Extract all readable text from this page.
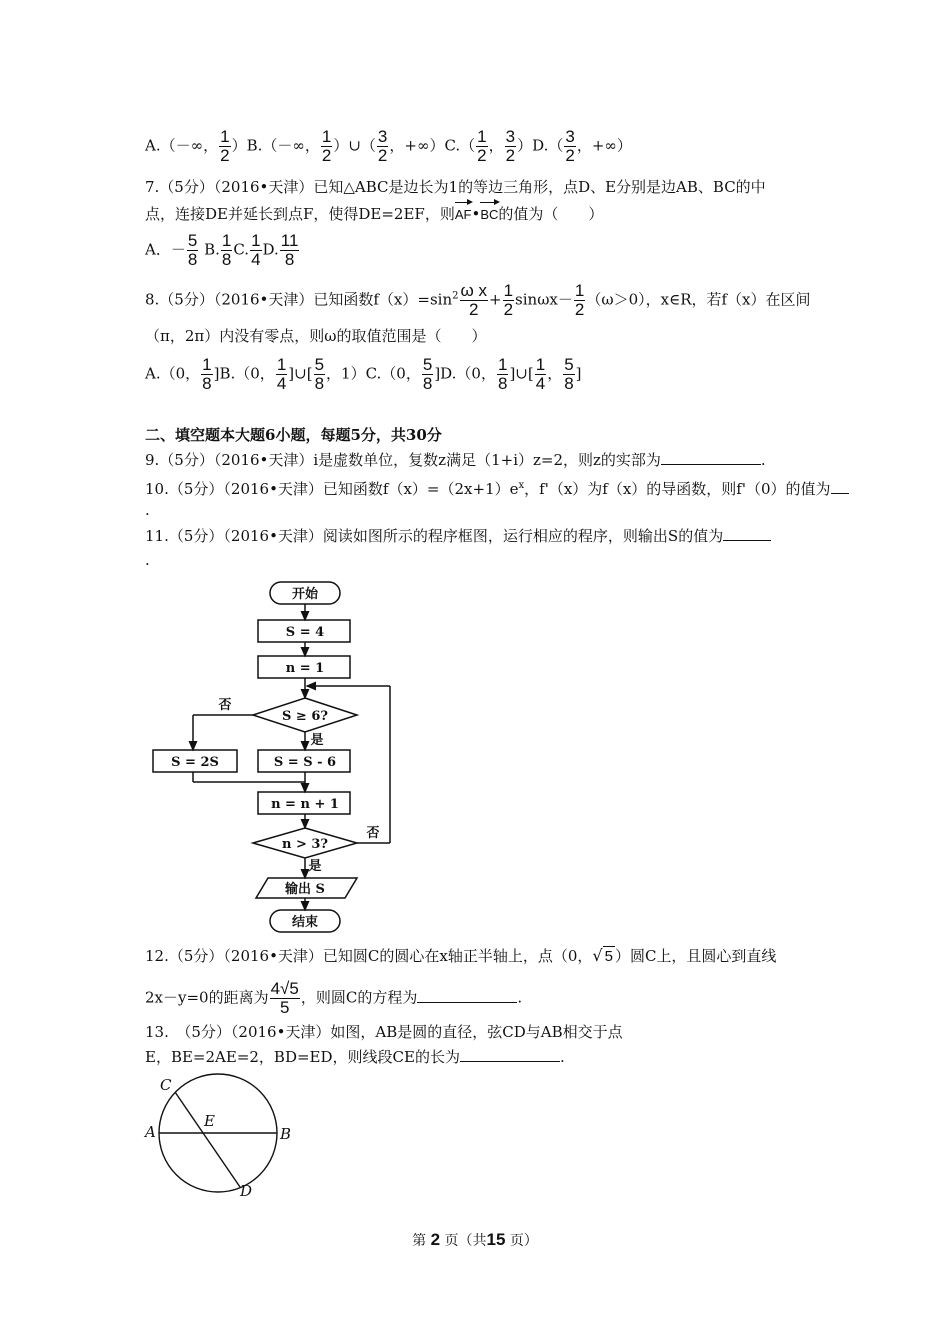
A.（－∞， $\frac{1}{2} )B.(-\infty$， $\frac{1}{2}$ ）∪（ $\frac{3}{2}$ ，$+\infty)C.( \frac{1}{2}$ ， $\frac{3}{2} )D.( \frac{3}{2}$ ，+∞）
7.（5分）（2016•天津）已知△ABC是边长为1的等边三角形，点D、E分别是边AB、BC的中
点，连接DE并延长到点F，使得DE=2EF，则AF•BC的值为（　　）
A．－ $\frac{5}{8} B$. $\frac{1}{8} C$. $\frac{1}{4} D$. $\frac{11}{8}$
8.（5分）（2016•天津）已知函数$f(x)=\sin^2 \frac{\text{ω x}}{2} + \frac{1}{2} \sin\omega x- \frac{1}{2} (\omega>0)$，x∈R，若f（x）在区间
（π，2π）内没有零点，则ω的取值范围是（　　）
A.（0， $\frac{1}{8} ]B.(0$， $\frac{1}{4}$ ]∪[ $\frac{5}{8}$ ，1）C.（0， $\frac{5}{8} ]D.(0$， $\frac{1}{8}$ ]∪[ $\frac{1}{4}$ ， $\frac{5}{8}$ ]
二、填空题本大题6小题，每题5分，共30分
9.（5分）（2016•天津）i是虚数单位，复数z满足（1+i）z=2，则z的实部为	.
10.（5分）（2016•天津）已知函数$f(x)=(2x+1)e^x$，f'（x）为f（x）的导函数，则f'（0）的值为
.
11.（5分）（2016•天津）阅读如图所示的程序框图，运行相应的程序，则输出S的值为
.
开始
S = 4
n = 1
S ≥ 6?
否
是
S = 2S	S = S - 6
n = n + 1
n > 3?
否
是
输出 S
结束
12.（5分）（2016•天津）已知圆C的圆心在x轴正半轴上，点（0，√ 5 ）圆C上，且圆心到直线
2x－y=0的距离为 $\frac{4√5}{5}$ ，则圆C的方程为	.
13.　（5分）（2016•天津）如图，AB是圆的直径，弦CD与AB相交于点
E，BE=2AE=2，BD=ED，则线段CE的长为	.
C
E
A	B
D
第 2 页（共15 页）
